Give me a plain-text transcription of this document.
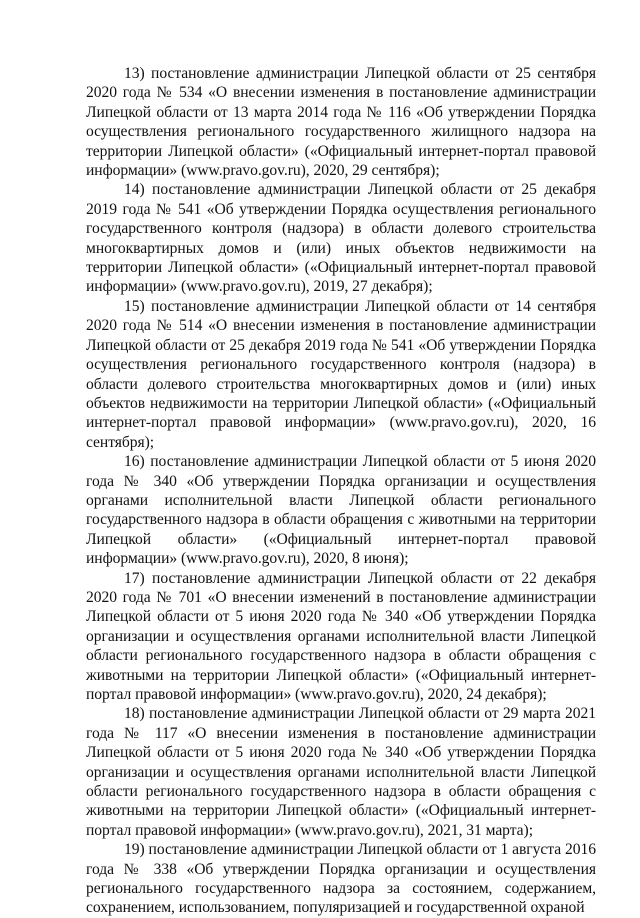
13) постановление администрации Липецкой области от 25 сентября 2020 года № 534 «О внесении изменения в постановление администрации Липецкой области от 13 марта 2014 года № 116 «Об утверждении Порядка осуществления регионального государственного жилищного надзора на территории Липецкой области» («Официальный интернет-портал правовой информации» (www.pravo.gov.ru), 2020, 29 сентября);

14) постановление администрации Липецкой области от 25 декабря 2019 года № 541 «Об утверждении Порядка осуществления регионального государственного контроля (надзора) в области долевого строительства многоквартирных домов и (или) иных объектов недвижимости на территории Липецкой области» («Официальный интернет-портал правовой информации» (www.pravo.gov.ru), 2019, 27 декабря);

15) постановление администрации Липецкой области от 14 сентября 2020 года № 514 «О внесении изменения в постановление администрации Липецкой области от 25 декабря 2019 года № 541 «Об утверждении Порядка осуществления регионального государственного контроля (надзора) в области долевого строительства многоквартирных домов и (или) иных объектов недвижимости на территории Липецкой области» («Официальный интернет-портал правовой информации» (www.pravo.gov.ru), 2020, 16 сентября);

16) постановление администрации Липецкой области от 5 июня 2020 года № 340 «Об утверждении Порядка организации и осуществления органами исполнительной власти Липецкой области регионального государственного надзора в области обращения с животными на территории Липецкой области» («Официальный интернет-портал правовой информации» (www.pravo.gov.ru), 2020, 8 июня);

17) постановление администрации Липецкой области от 22 декабря 2020 года № 701 «О внесении изменений в постановление администрации Липецкой области от 5 июня 2020 года № 340 «Об утверждении Порядка организации и осуществления органами исполнительной власти Липецкой области регионального государственного надзора в области обращения с животными на территории Липецкой области» («Официальный интернет-портал правовой информации» (www.pravo.gov.ru), 2020, 24 декабря);

18) постановление администрации Липецкой области от 29 марта 2021 года № 117 «О внесении изменения в постановление администрации Липецкой области от 5 июня 2020 года № 340 «Об утверждении Порядка организации и осуществления органами исполнительной власти Липецкой области регионального государственного надзора в области обращения с животными на территории Липецкой области» («Официальный интернет-портал правовой информации» (www.pravo.gov.ru), 2021, 31 марта);

19) постановление администрации Липецкой области от 1 августа 2016 года № 338 «Об утверждении Порядка организации и осуществления регионального государственного надзора за состоянием, содержанием, сохранением, использованием, популяризацией и государственной охраной
